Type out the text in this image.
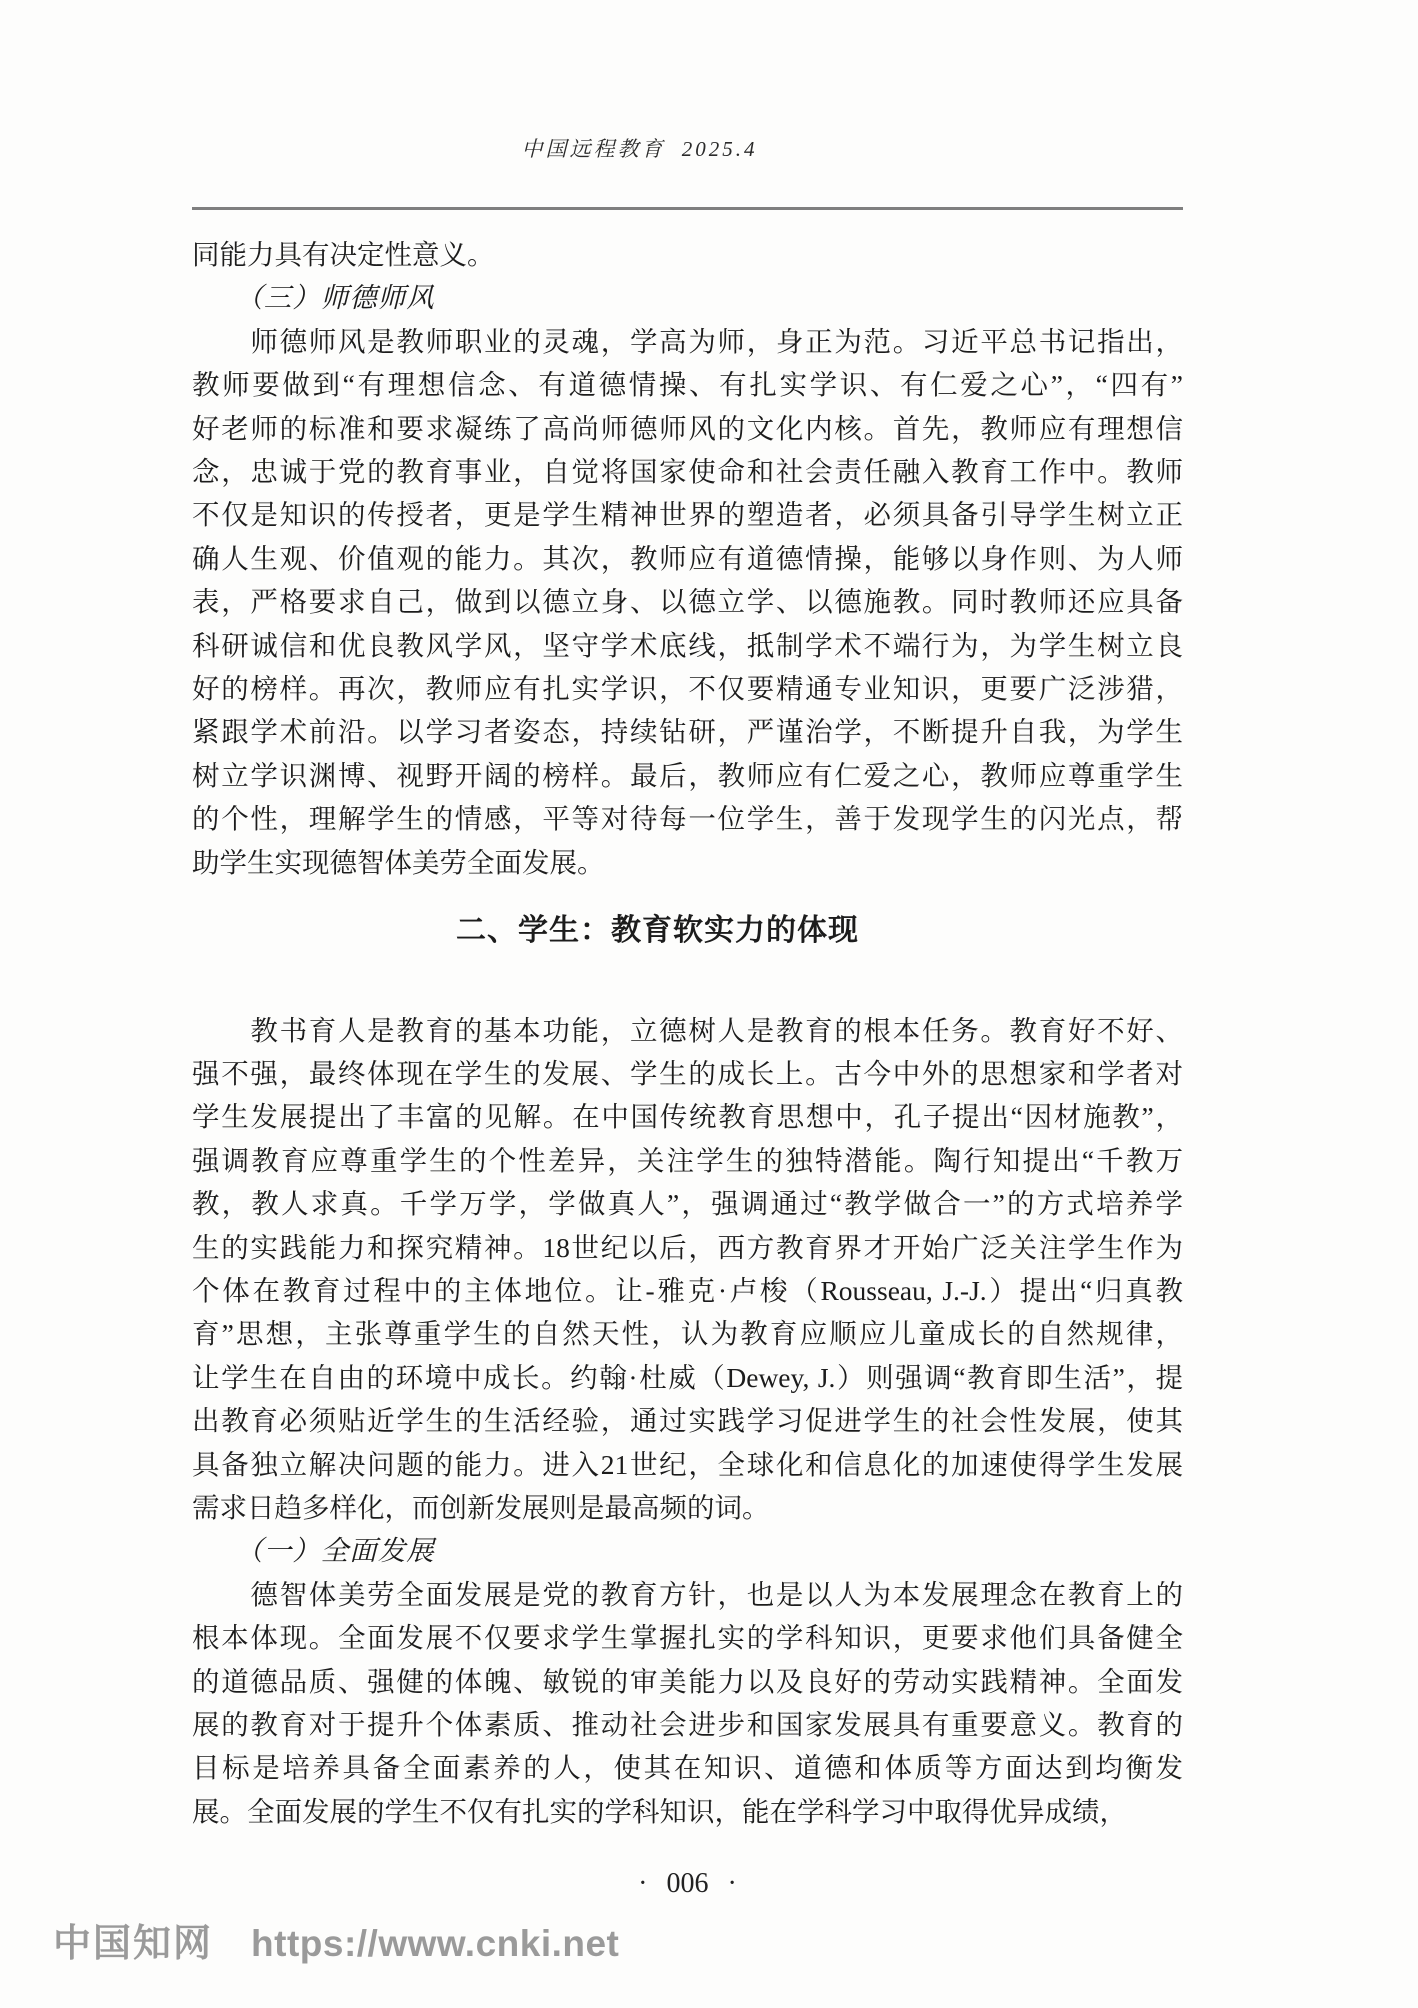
中国远程教育 2025.4
同能力具有决定性意义。
　　（三）师德师风
　　师德师风是教师职业的灵魂，学高为师，身正为范。习近平总书记指出，
教师要做到“有理想信念、有道德情操、有扎实学识、有仁爱之心”，“四有”
好老师的标准和要求凝练了高尚师德师风的文化内核。首先，教师应有理想信
念，忠诚于党的教育事业，自觉将国家使命和社会责任融入教育工作中。教师
不仅是知识的传授者，更是学生精神世界的塑造者，必须具备引导学生树立正
确人生观、价值观的能力。其次，教师应有道德情操，能够以身作则、为人师
表，严格要求自己，做到以德立身、以德立学、以德施教。同时教师还应具备
科研诚信和优良教风学风，坚守学术底线，抵制学术不端行为，为学生树立良
好的榜样。再次，教师应有扎实学识，不仅要精通专业知识，更要广泛涉猎，
紧跟学术前沿。以学习者姿态，持续钻研，严谨治学，不断提升自我，为学生
树立学识渊博、视野开阔的榜样。最后，教师应有仁爱之心，教师应尊重学生
的个性，理解学生的情感，平等对待每一位学生，善于发现学生的闪光点，帮
助学生实现德智体美劳全面发展。
二、学生：教育软实力的体现
　　教书育人是教育的基本功能，立德树人是教育的根本任务。教育好不好、
强不强，最终体现在学生的发展、学生的成长上。古今中外的思想家和学者对
学生发展提出了丰富的见解。在中国传统教育思想中，孔子提出“因材施教”，
强调教育应尊重学生的个性差异，关注学生的独特潜能。陶行知提出“千教万
教，教人求真。千学万学，学做真人”，强调通过“教学做合一”的方式培养学
生的实践能力和探究精神。18世纪以后，西方教育界才开始广泛关注学生作为
个体在教育过程中的主体地位。让-雅克·卢梭（Rousseau, J.-J.）提出“归真教
育”思想，主张尊重学生的自然天性，认为教育应顺应儿童成长的自然规律，
让学生在自由的环境中成长。约翰·杜威（Dewey, J.）则强调“教育即生活”，提
出教育必须贴近学生的生活经验，通过实践学习促进学生的社会性发展，使其
具备独立解决问题的能力。进入21世纪，全球化和信息化的加速使得学生发展
需求日趋多样化，而创新发展则是最高频的词。
　　（一）全面发展
　　德智体美劳全面发展是党的教育方针，也是以人为本发展理念在教育上的
根本体现。全面发展不仅要求学生掌握扎实的学科知识，更要求他们具备健全
的道德品质、强健的体魄、敏锐的审美能力以及良好的劳动实践精神。全面发
展的教育对于提升个体素质、推动社会进步和国家发展具有重要意义。教育的
目标是培养具备全面素养的人，使其在知识、道德和体质等方面达到均衡发
展。全面发展的学生不仅有扎实的学科知识，能在学科学习中取得优异成绩，
· 006 ·
中国知网 https://www.cnki.net
